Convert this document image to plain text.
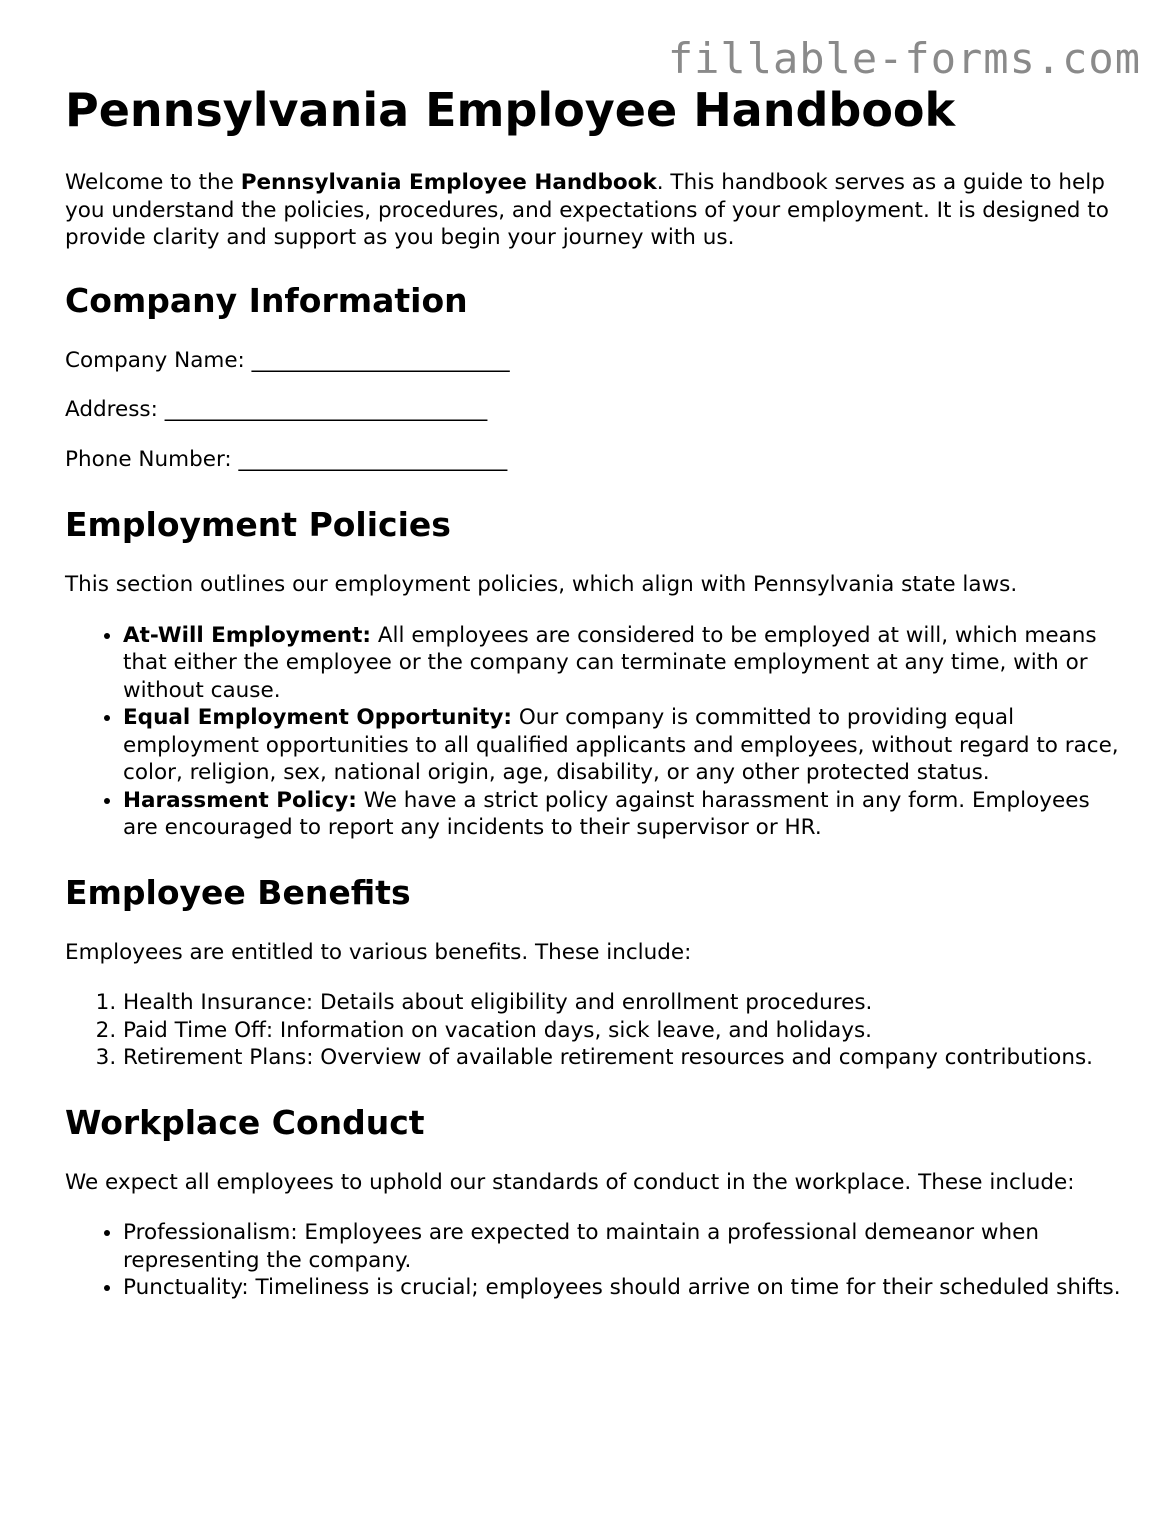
fillable-forms.com
Pennsylvania Employee Handbook

Welcome to the Pennsylvania Employee Handbook. This handbook serves as a guide to help you understand the policies, procedures, and expectations of your employment. It is designed to provide clarity and support as you begin your journey with us.

Company Information

Company Name: ________________________

Address: ______________________________

Phone Number: _________________________

Employment Policies

This section outlines our employment policies, which align with Pennsylvania state laws.

• At-Will Employment: All employees are considered to be employed at will, which means that either the employee or the company can terminate employment at any time, with or without cause.
• Equal Employment Opportunity: Our company is committed to providing equal employment opportunities to all qualified applicants and employees, without regard to race, color, religion, sex, national origin, age, disability, or any other protected status.
• Harassment Policy: We have a strict policy against harassment in any form. Employees are encouraged to report any incidents to their supervisor or HR.
Employee Benefits

Employees are entitled to various benefits. These include:

1. Health Insurance: Details about eligibility and enrollment procedures.
2. Paid Time Off: Information on vacation days, sick leave, and holidays.
3. Retirement Plans: Overview of available retirement resources and company contributions.
Workplace Conduct

We expect all employees to uphold our standards of conduct in the workplace. These include:

• Professionalism: Employees are expected to maintain a professional demeanor when representing the company.
• Punctuality: Timeliness is crucial; employees should arrive on time for their scheduled shifts.
